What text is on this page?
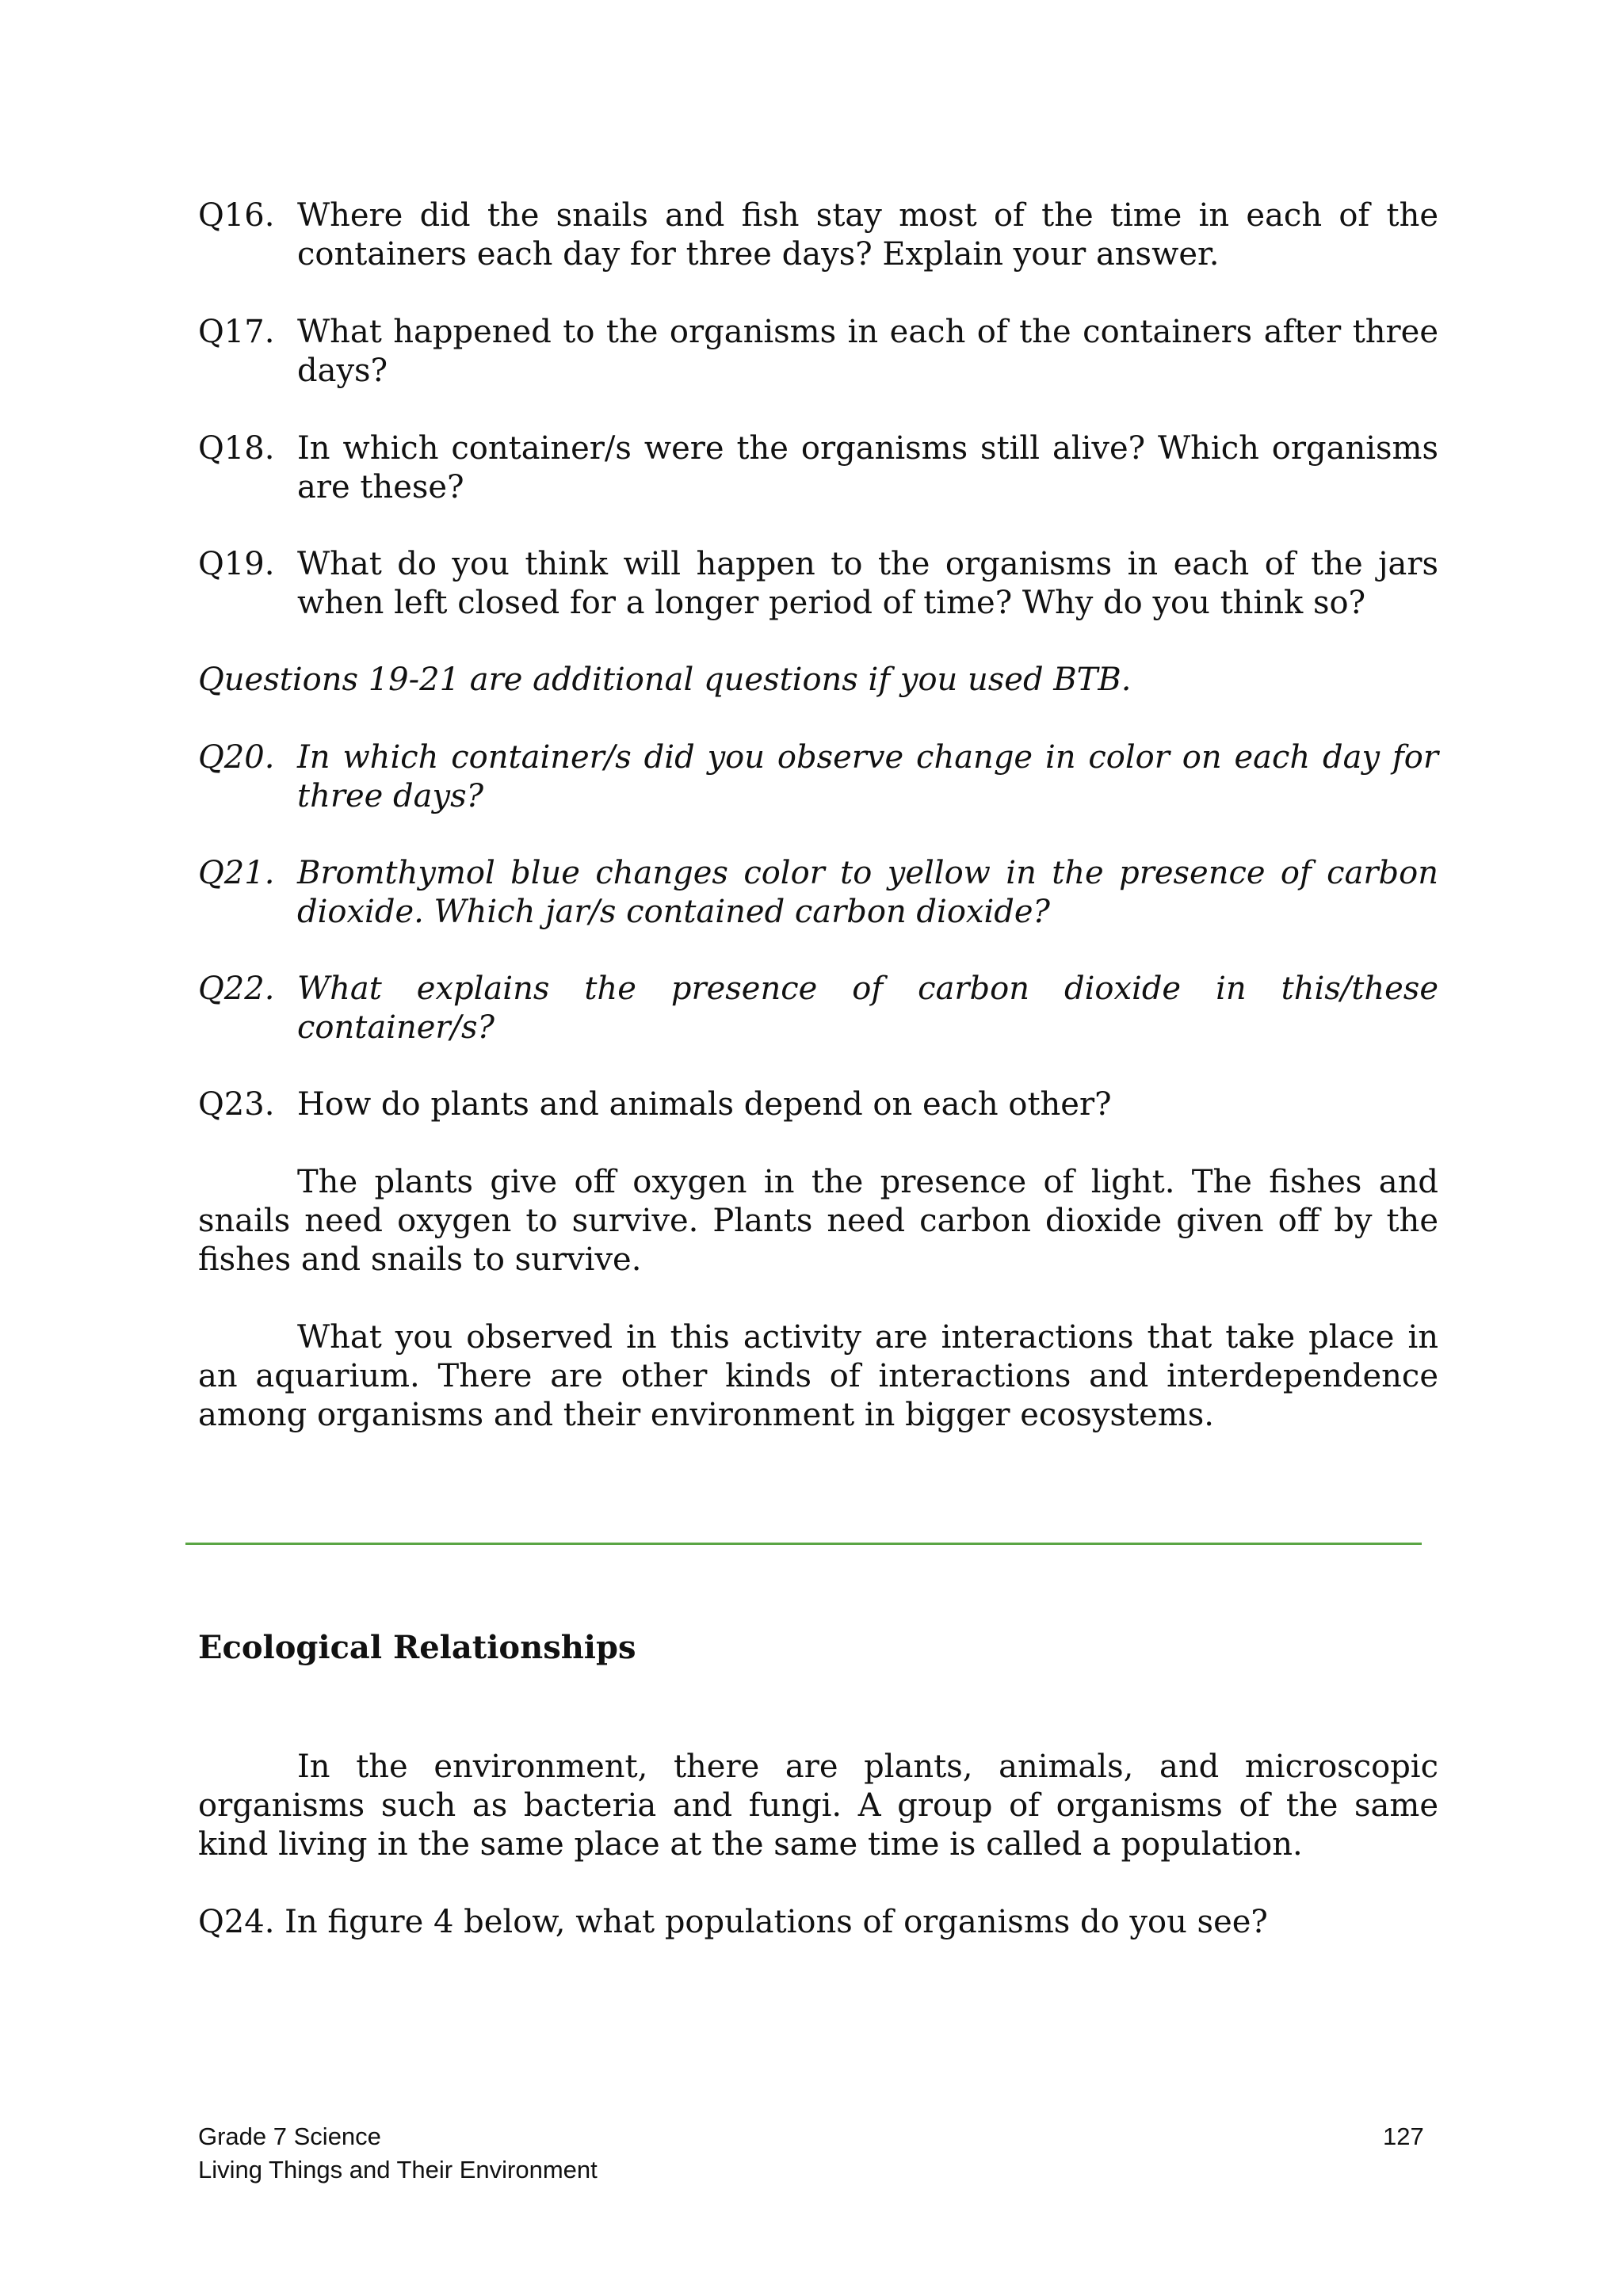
Q16. Where did the snails and fish stay most of the time in each of the containers each day for three days? Explain your answer.
Q17. What happened to the organisms in each of the containers after three days?
Q18. In which container/s were the organisms still alive? Which organisms are these?
Q19. What do you think will happen to the organisms in each of the jars when left closed for a longer period of time? Why do you think so?
Questions 19-21 are additional questions if you used BTB.
Q20. In which container/s did you observe change in color on each day for three days?
Q21. Bromthymol blue changes color to yellow in the presence of carbon dioxide. Which jar/s contained carbon dioxide?
Q22. What explains the presence of carbon dioxide in this/these container/s?
Q23. How do plants and animals depend on each other?

The plants give off oxygen in the presence of light. The fishes and snails need oxygen to survive. Plants need carbon dioxide given off by the fishes and snails to survive.

What you observed in this activity are interactions that take place in an aquarium. There are other kinds of interactions and interdependence among organisms and their environment in bigger ecosystems.

Ecological Relationships

In the environment, there are plants, animals, and microscopic organisms such as bacteria and fungi. A group of organisms of the same kind living in the same place at the same time is called a population.

Q24. In figure 4 below, what populations of organisms do you see?
Grade 7 Science
Living Things and Their Environment
127
